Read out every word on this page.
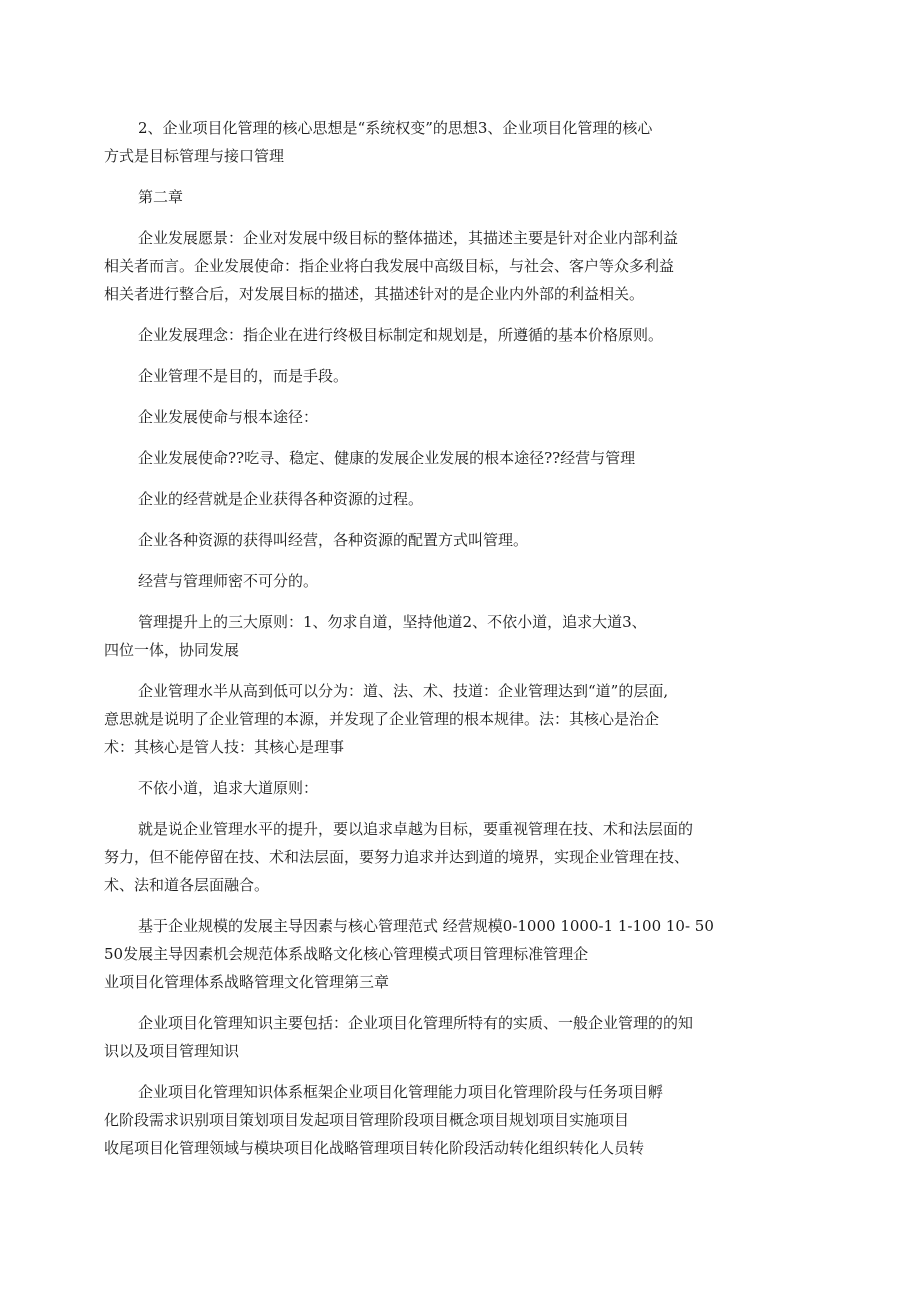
2、企业项目化管理的核心思想是“系统权变”的思想3、企业项目化管理的核心
方式是目标管理与接口管理

第二章

企业发展愿景：企业对发展中级目标的整体描述，其描述主要是针对企业内部利益
相关者而言。企业发展使命：指企业将白我发展中高级目标，与社会、客户等众多利益
相关者进行整合后，对发展目标的描述，其描述针对的是企业内外部的利益相关。

企业发展理念：指企业在进行终极目标制定和规划是，所遵循的基本价格原则。

企业管理不是目的，而是手段。

企业发展使命与根本途径：

企业发展使命??吃寻、稳定、健康的发展企业发展的根本途径??经营与管理

企业的经营就是企业获得各种资源的过程。

企业各种资源的获得叫经营，各种资源的配置方式叫管理。

经营与管理师密不可分的。

管理提升上的三大原则：1、勿求自道，坚持他道2、不依小道，追求大道3、
四位一体，协同发展

企业管理水半从高到低可以分为：道、法、术、技道：企业管理达到“道”的层面,
意思就是说明了企业管理的本源，并发现了企业管理的根本规律。法：其核心是治企
术：其核心是管人技：其核心是理事

不依小道，追求大道原则：

就是说企业管理水平的提升，要以追求卓越为目标，要重视管理在技、术和法层面的
努力，但不能停留在技、术和法层面，要努力追求并达到道的境界，实现企业管理在技、
术、法和道各层面融合。

基于企业规模的发展主导因素与核心管理范式 经营规模0-1000 1000-1 1-100 10- 50
50发展主导因素机会规范体系战略文化核心管理模式项目管理标准管理企
业项目化管理体系战略管理文化管理第三章

企业项目化管理知识主要包括：企业项目化管理所特有的实质、一般企业管理的的知
识以及项目管理知识

企业项目化管理知识体系框架企业项目化管理能力项目化管理阶段与任务项目孵
化阶段需求识别项目策划项目发起项目管理阶段项目概念项目规划项目实施项目
收尾项目化管理领域与模块项目化战略管理项目转化阶段活动转化组织转化人员转
